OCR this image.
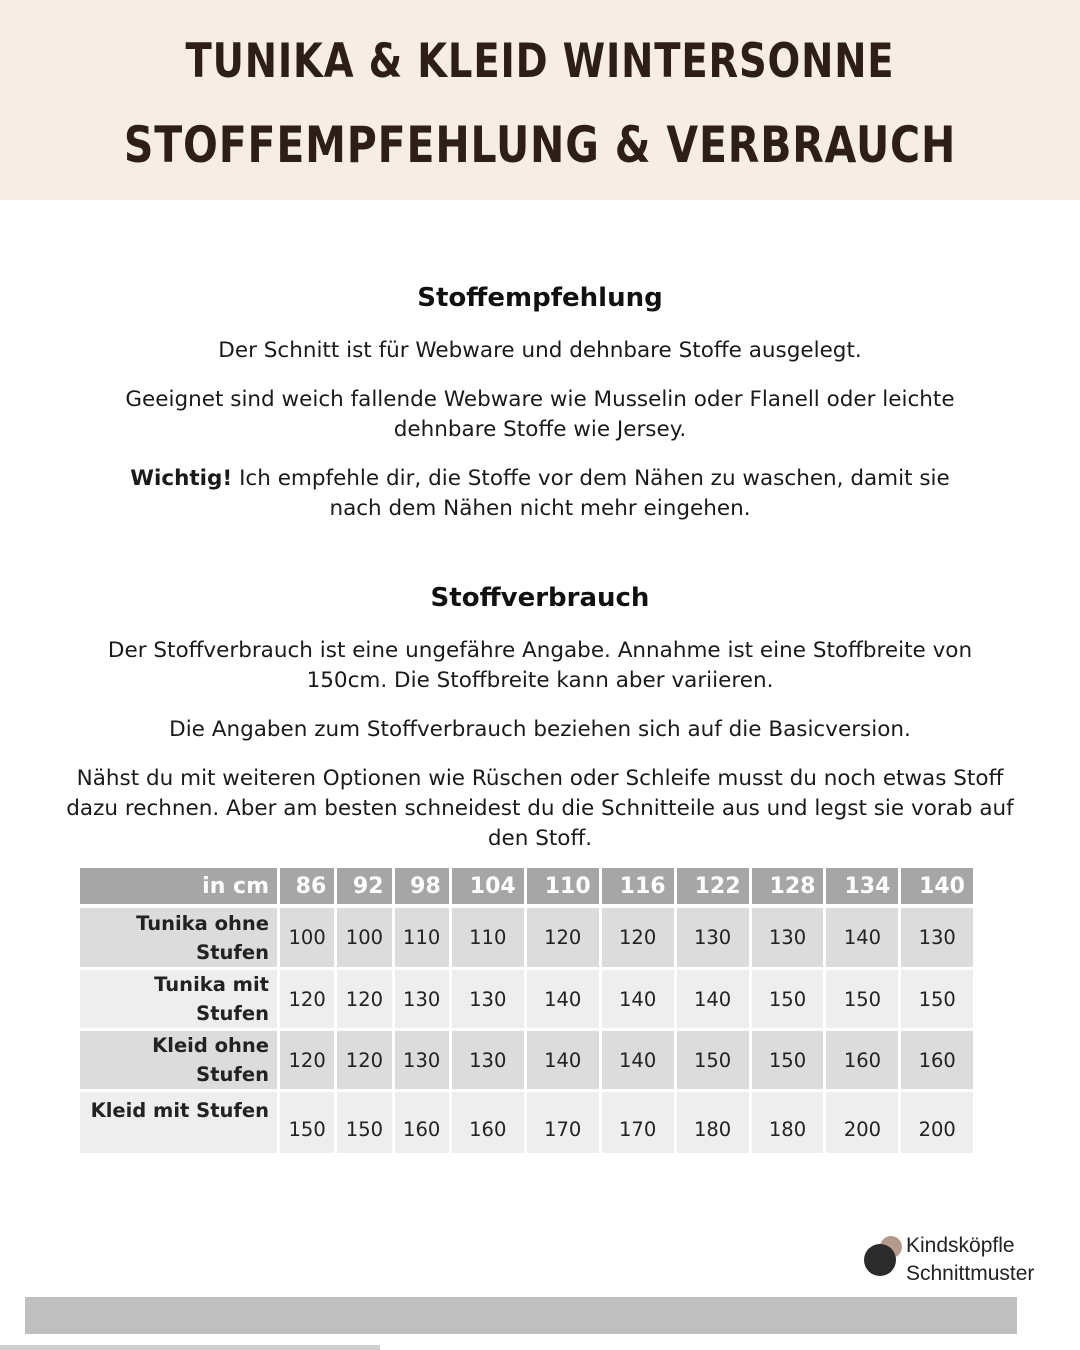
TUNIKA & KLEID WINTERSONNE
STOFFEMPFEHLUNG & VERBRAUCH
Stoffempfehlung
Der Schnitt ist für Webware und dehnbare Stoffe ausgelegt.
Geeignet sind weich fallende Webware wie Musselin oder Flanell oder leichte
dehnbare Stoffe wie Jersey.
Wichtig! Ich empfehle dir, die Stoffe vor dem Nähen zu waschen, damit sie
nach dem Nähen nicht mehr eingehen.
Stoffverbrauch
Der Stoffverbrauch ist eine ungefähre Angabe. Annahme ist eine Stoffbreite von
150cm. Die Stoffbreite kann aber variieren.
Die Angaben zum Stoffverbrauch beziehen sich auf die Basicversion.
Nähst du mit weiteren Optionen wie Rüschen oder Schleife musst du noch etwas Stoff
dazu rechnen. Aber am besten schneidest du die Schnitteile aus und legst sie vorab auf
den Stoff.
in cm	86	92	98	104	110	116	122	128	134	140

Tunika ohne
Stufen	100	100	110	110	120	120	130	130	140	130
Tunika mit Stufen	120	120	130	130	140	140	140	150	150	150
Kleid ohne Stufen	120	120	130	130	140	140	150	150	160	160
Kleid mit Stufen	150	150	160	160	170	170	180	180	200	200
Kindsköpfle
Schnittmuster
